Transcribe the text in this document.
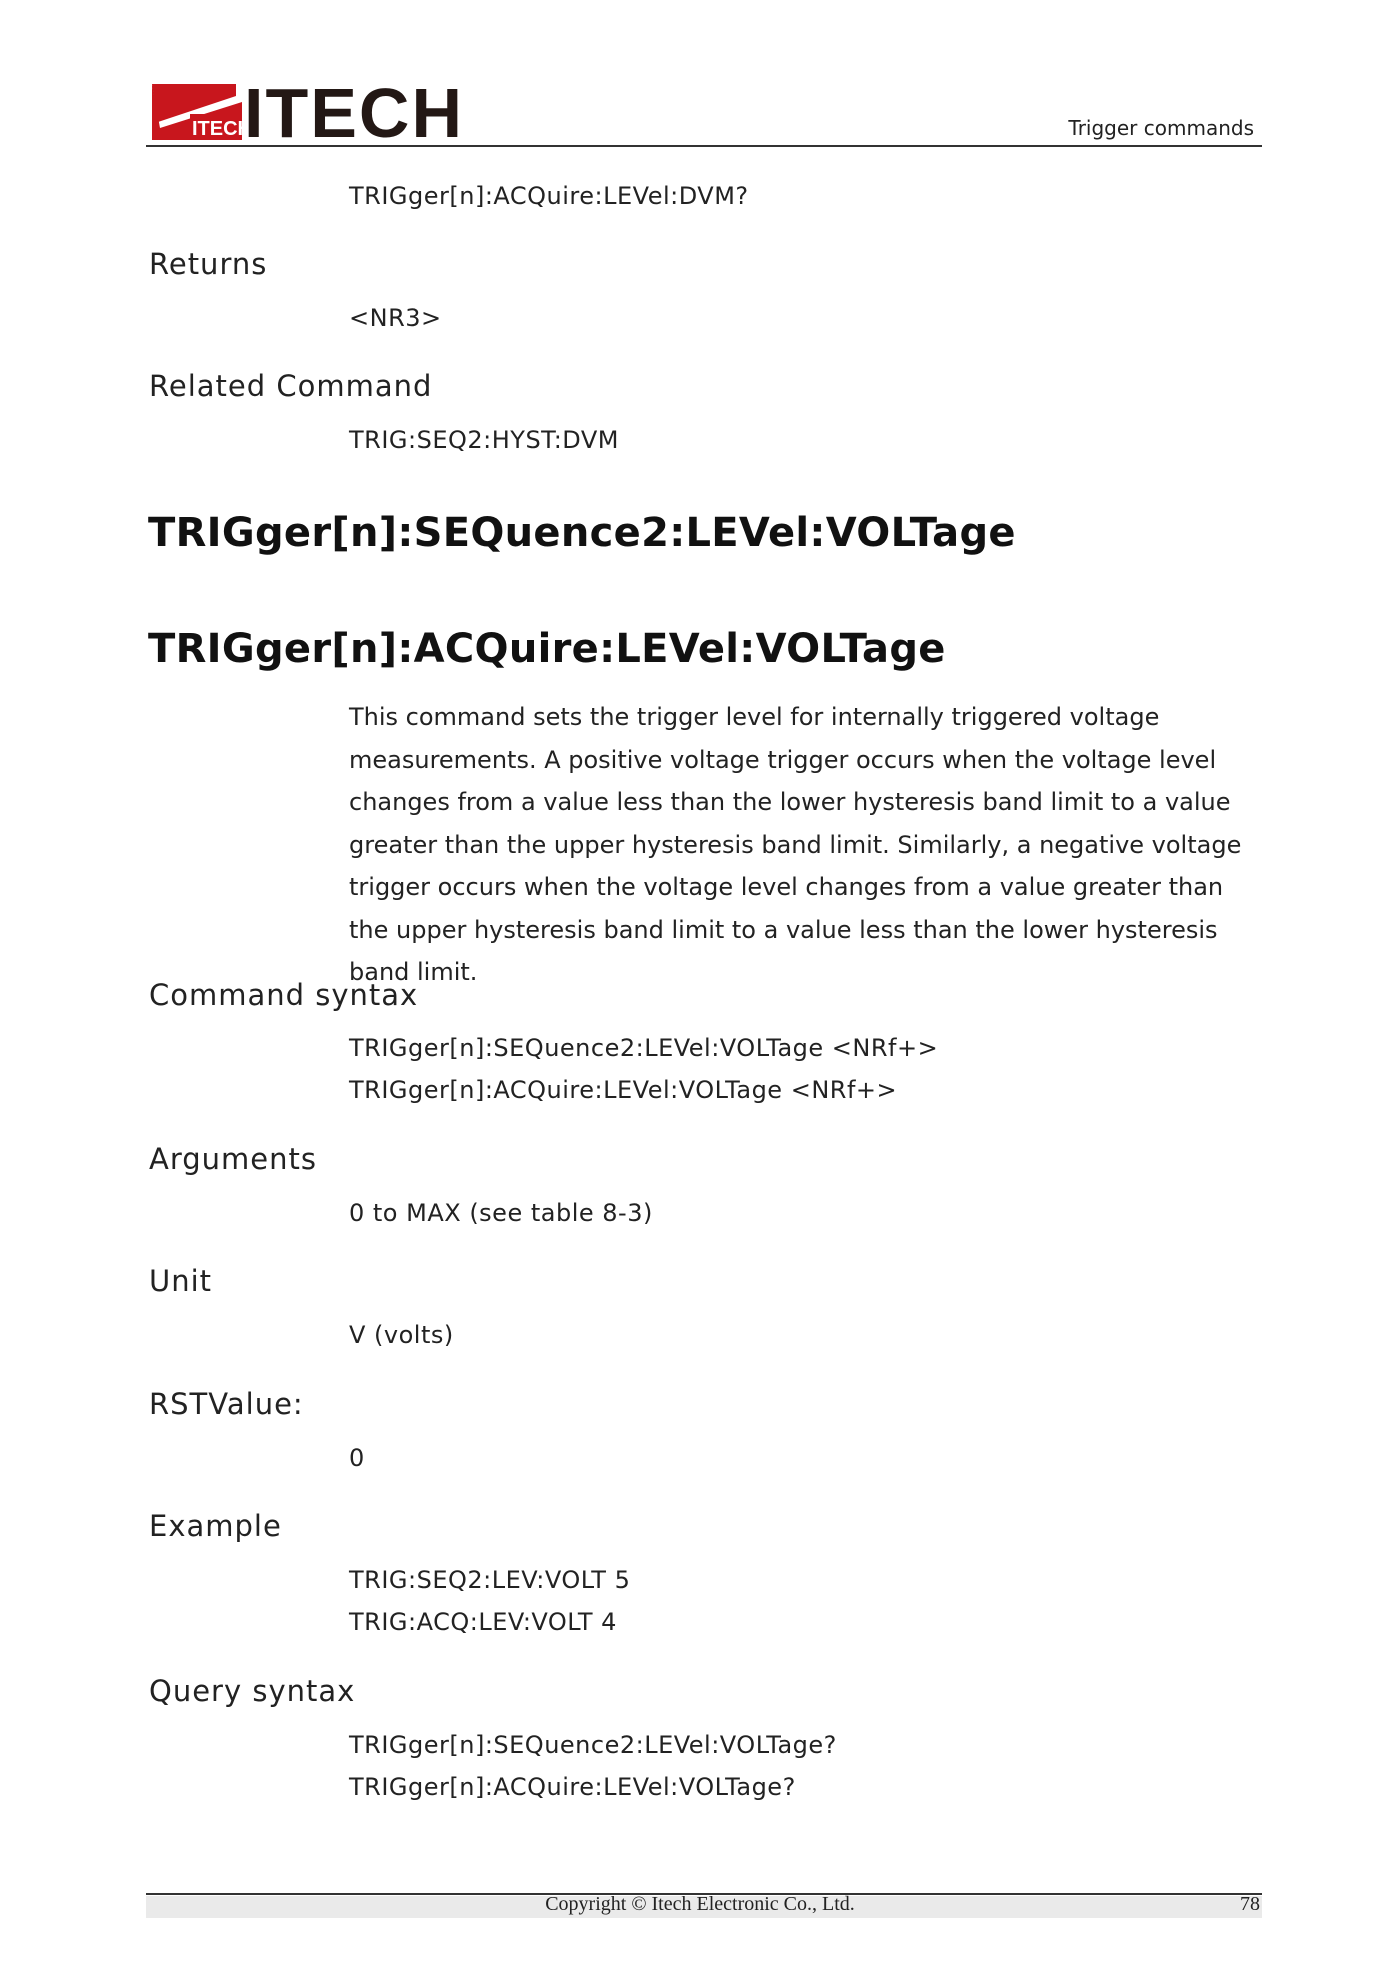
ITECH
ITECH	Trigger commands
TRIGger[n]:ACQuire:LEVel:DVM?
Returns
<NR3>
Related Command
TRIG:SEQ2:HYST:DVM
TRIGger[n]:SEQuence2:LEVel:VOLTage
TRIGger[n]:ACQuire:LEVel:VOLTage

This command sets the trigger level for internally triggered voltage measurements. A positive voltage trigger occurs when the voltage level changes from a value less than the lower hysteresis band limit to a value greater than the upper hysteresis band limit. Similarly, a negative voltage trigger occurs when the voltage level changes from a value greater than the upper hysteresis band limit to a value less than the lower hysteresis band limit.

Command syntax
TRIGger[n]:SEQuence2:LEVel:VOLTage <NRf+>
TRIGger[n]:ACQuire:LEVel:VOLTage <NRf+>
Arguments
0 to MAX (see table 8-3)
Unit
V (volts)
RSTValue:
0
Example
TRIG:SEQ2:LEV:VOLT 5
TRIG:ACQ:LEV:VOLT 4
Query syntax
TRIGger[n]:SEQuence2:LEVel:VOLTage?
TRIGger[n]:ACQuire:LEVel:VOLTage?
Copyright © Itech Electronic Co., Ltd.	78
